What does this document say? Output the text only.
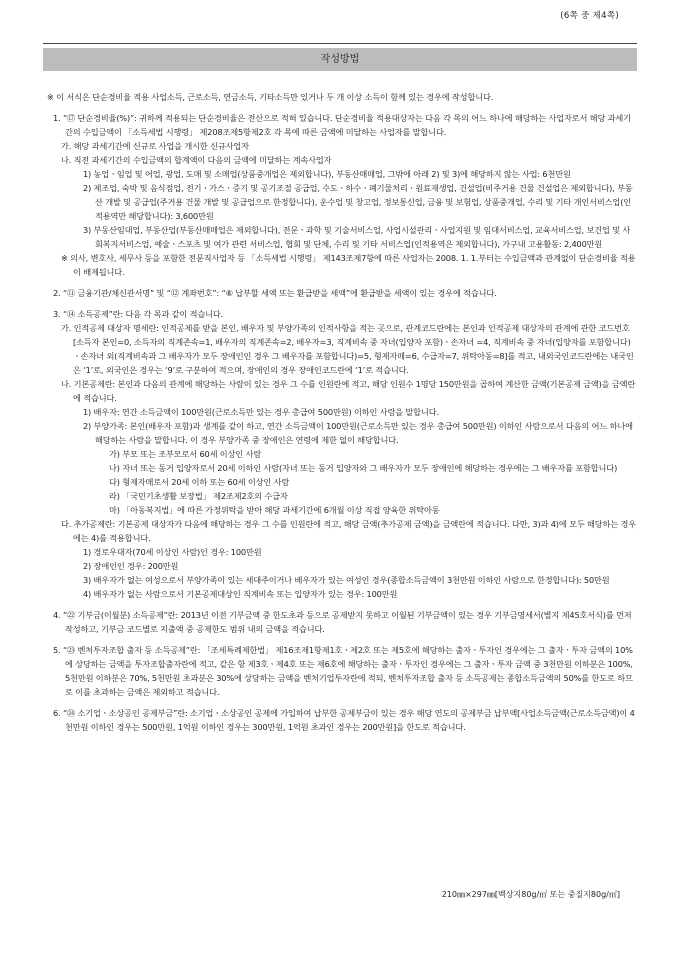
(6쪽 중 제4쪽)
작성방법

※ 이 서식은 단순경비율 적용 사업소득, 근로소득, 연금소득, 기타소득만 있거나 두 개 이상 소득이 함께 있는 경우에 작성합니다.

1. “⑰ 단순경비율(%)”: 귀하께 적용되는 단순경비율은 전산으로 적혀 있습니다. 단순경비율 적용대상자는 다음 각 목의 어느 하나에 해당하는 사업자로서 해당 과세기간의 수입금액이 「소득세법 시행령」 제208조제5항제2호 각 목에 따른 금액에 미달하는 사업자를 말합니다.

가. 해당 과세기간에 신규로 사업을 개시한 신규사업자

나. 직전 과세기간의 수입금액의 합계액이 다음의 금액에 미달하는 계속사업자

1) 농업ㆍ임업 및 어업, 광업, 도매 및 소매업(상품중개업은 제외합니다), 부동산매매업, 그밖에 아래 2) 및 3)에 해당하지 않는 사업: 6천만원

2) 제조업, 숙박 및 음식점업, 전기ㆍ가스ㆍ증기 및 공기조절 공급업, 수도ㆍ하수ㆍ폐기물처리ㆍ원료재생업, 건설업(비주거용 건물 건설업은 제외합니다), 부동산 개발 및 공급업(주거용 건물 개발 및 공급업으로 한정합니다), 운수업 및 창고업, 정보통신업, 금융 및 보험업, 상품중개업, 수리 및 기타 개인서비스업(인적용역만 해당합니다): 3,600만원

3) 부동산임대업, 부동산업(부동산매매업은 제외합니다), 전문ㆍ과학 및 기술서비스업, 사업시설관리ㆍ사업지원 및 임대서비스업, 교육서비스업, 보건업 및 사회복지서비스업, 예술ㆍ스포츠 및 여가 관련 서비스업, 협회 및 단체, 수리 및 기타 서비스업(인적용역은 제외합니다), 가구내 고용활동: 2,400만원

※ 의사, 변호사, 세무사 등을 포함한 전문직사업자 등 「소득세법 시행령」 제143조제7항에 따른 사업자는 2008. 1. 1.부터는 수입금액과 관계없이 단순경비율 적용이 배제됩니다.

2. “⑪ 금융기관/체신관서명” 및 “⑫ 계좌번호”: “⑥ 납부할 세액 또는 환급받을 세액”에 환급받을 세액이 있는 경우에 적습니다.

3. “⑭ 소득공제”란: 다음 각 목과 같이 적습니다.

가. 인적공제 대상자 명세란: 인적공제를 받을 본인, 배우자 및 부양가족의 인적사항을 적는 곳으로, 관계코드란에는 본인과 인적공제 대상자의 관계에 관한 코드번호[소득자 본인=0, 소득자의 직계존속=1, 배우자의 직계존속=2, 배우자=3, 직계비속 중 자녀(입양자 포함)ㆍ손자녀 =4, 직계비속 중 자녀(입양자를 포함합니다)ㆍ손자녀 외(직계비속과 그 배우자가 모두 장애인인 경우 그 배우자를 포함합니다)=5, 형제자매=6, 수급자=7, 위탁아동=8]를 적고, 내외국인코드란에는 내국인은 ‘1’로, 외국인은 경우는 ‘9’로 구분하여 적으며, 장애인의 경우 장애인코드란에 ‘1’로 적습니다.

나. 기본공제란: 본인과 다음의 관계에 해당하는 사람이 있는 경우 그 수를 인원란에 적고, 해당 인원수 1명당 150만원을 곱하여 계산한 금액(기본공제 금액)을 금액란에 적습니다.

1) 배우자: 연간 소득금액이 100만원(근로소득만 있는 경우 총급여 500만원) 이하인 사람을 말합니다.

2) 부양가족: 본인(배우자 포함)과 생계를 같이 하고, 연간 소득금액이 100만원(근로소득만 있는 경우 총급여 500만원) 이하인 사람으로서 다음의 어느 하나에 해당하는 사람을 말합니다. 이 경우 부양가족 중 장애인은 연령에 제한 없이 해당합니다.

가) 부모 또는 조부모로서 60세 이상인 사람

나) 자녀 또는 동거 입양자로서 20세 이하인 사람(자녀 또는 동거 입양자와 그 배우자가 모두 장애인에 해당하는 경우에는 그 배우자를 포함합니다)

다) 형제자매로서 20세 이하 또는 60세 이상인 사람

라) 「국민기초생활 보장법」 제2조제2호의 수급자

마) 「아동복지법」에 따른 가정위탁을 받아 해당 과세기간에 6개월 이상 직접 양육한 위탁아동

다. 추가공제란: 기본공제 대상자가 다음에 해당하는 경우 그 수를 인원란에 적고, 해당 금액(추가공제 금액)을 금액란에 적습니다. 다만, 3)과 4)에 모두 해당하는 경우에는 4)를 적용합니다.

1) 경로우대자(70세 이상인 사람)인 경우: 100만원

2) 장애인인 경우: 200만원

3) 배우자가 없는 여성으로서 부양가족이 있는 세대주이거나 배우자가 있는 여성인 경우(종합소득금액이 3천만원 이하인 사람으로 한정합니다): 50만원

4) 배우자가 없는 사람으로서 기본공제대상인 직계비속 또는 입양자가 있는 경우: 100만원

4. “㉒ 기부금(이월분) 소득공제”란: 2013년 이전 기부금액 중 한도초과 등으로 공제받지 못하고 이월된 기부금액이 있는 경우 기부금명세서(별지 제45호서식)를 먼저 작성하고, 기부금 코드별로 지출액 중 공제한도 범위 내의 금액을 적습니다.

5. “㉓ 벤처투자조합 출자 등 소득공제”란: 「조세특례제한법」 제16조제1항제1호ㆍ제2호 또는 제5호에 해당하는 출자ㆍ투자인 경우에는 그 출자ㆍ투자 금액의 10%에 상당하는 금액을 투자조합출자란에 적고, 같은 항 제3호ㆍ제4호 또는 제6호에 해당하는 출자ㆍ투자인 경우에는 그 출자ㆍ투자 금액 중 3천만원 이하분은 100%, 5천만원 이하분은 70%, 5천만원 초과분은 30%에 상당하는 금액을 벤처기업투자란에 적되, 벤처투자조합 출자 등 소득공제는 종합소득금액의 50%를 한도로 하므로 이를 초과하는 금액은 제외하고 적습니다.

6. “㉔ 소기업ㆍ소상공인 공제부금”란: 소기업ㆍ소상공인 공제에 가입하여 납부한 공제부금이 있는 경우 해당 연도의 공제부금 납부액[사업소득금액(근로소득금액)이 4천만원 이하인 경우는 500만원, 1억원 이하인 경우는 300만원, 1억원 초과인 경우는 200만원]을 한도로 적습니다.

210㎜×297㎜[백상지80g/㎡ 또는 중질지80g/㎡]
